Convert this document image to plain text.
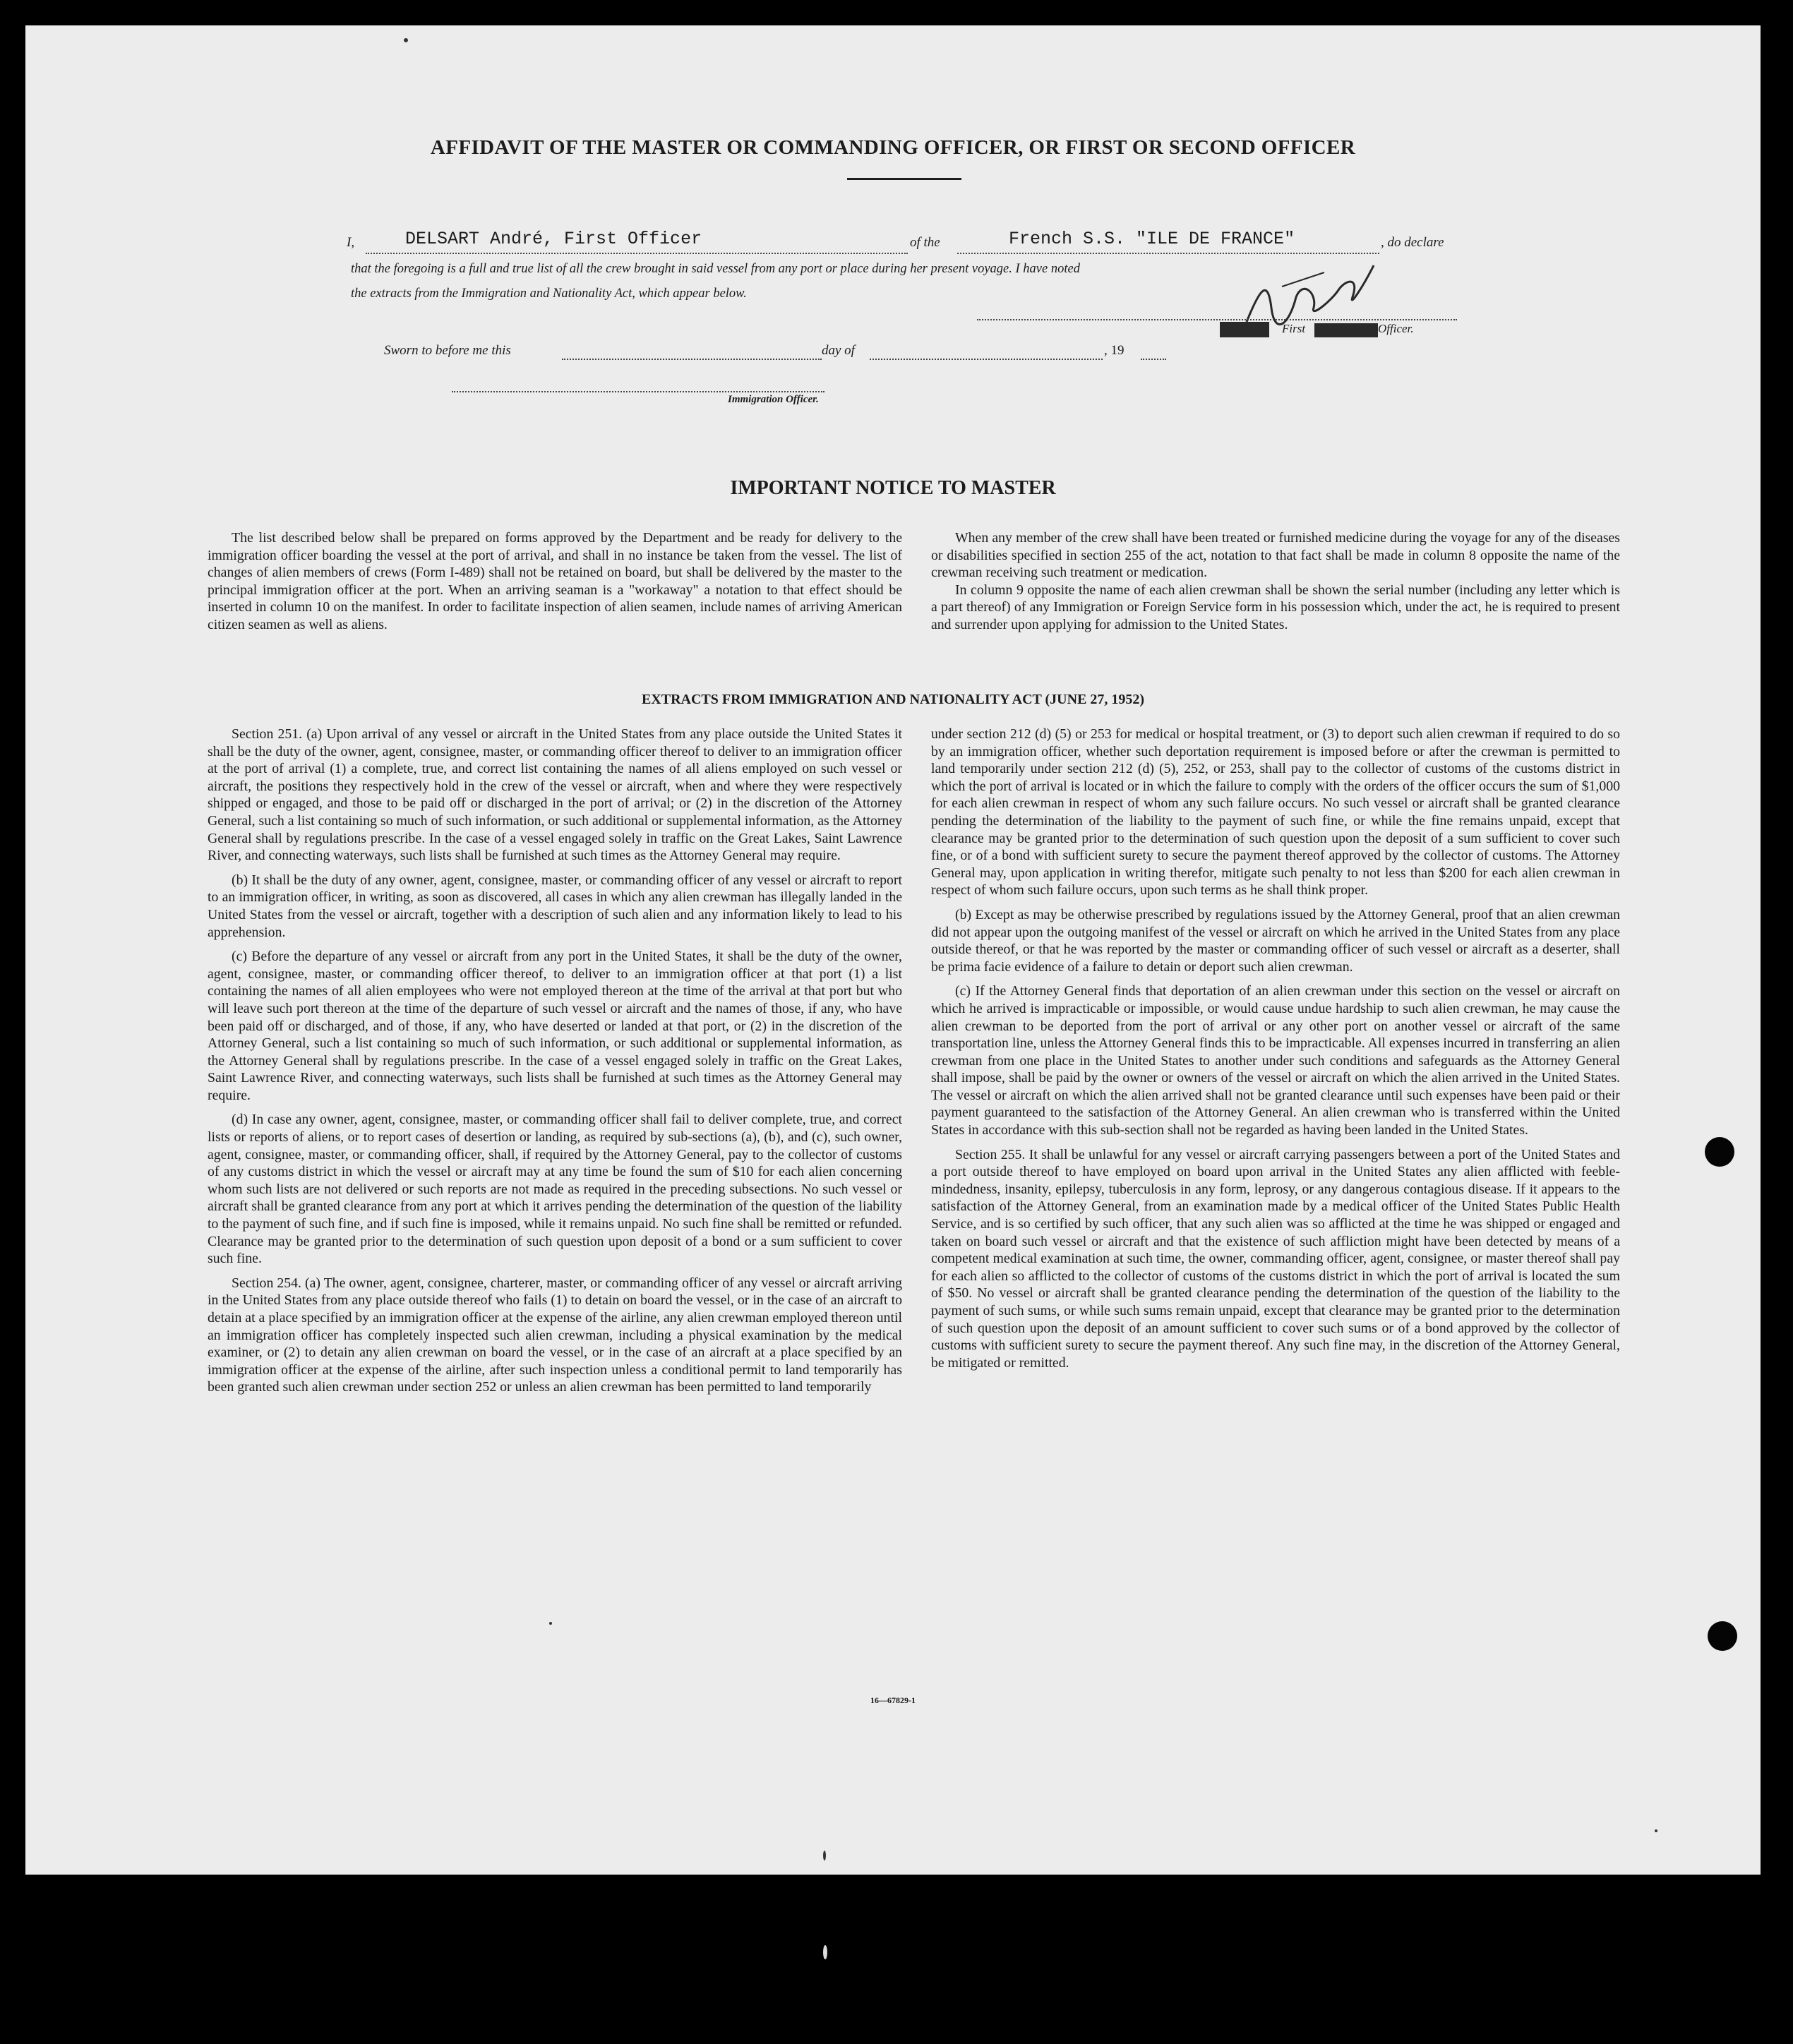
AFFIDAVIT OF THE MASTER OR COMMANDING OFFICER, OR FIRST OR SECOND OFFICER
I,	DELSART André, First Officer	of the	French S.S. "ILE DE FRANCE"	, do declare
that the foregoing is a full and true list of all the crew brought in said vessel from any port or place during her present voyage. I have noted
the extracts from the Immigration and Nationality Act, which appear below.
First	Officer.
Sworn to before me this	day of	, 19
Immigration Officer.
IMPORTANT NOTICE TO MASTER

The list described below shall be prepared on forms approved by the Department and be ready for delivery to the immigration officer boarding the vessel at the port of arrival, and shall in no instance be taken from the vessel. The list of changes of alien members of crews (Form I-489) shall not be retained on board, but shall be delivered by the master to the principal immigration officer at the port. When an arriving seaman is a "workaway" a notation to that effect should be inserted in column 10 on the manifest. In order to facilitate inspection of alien seamen, include names of arriving American citizen seamen as well as aliens.

When any member of the crew shall have been treated or furnished medicine during the voyage for any of the diseases or disabilities specified in section 255 of the act, notation to that fact shall be made in column 8 opposite the name of the crewman receiving such treatment or medication.

In column 9 opposite the name of each alien crewman shall be shown the serial number (including any letter which is a part thereof) of any Immigration or Foreign Service form in his possession which, under the act, he is required to present and surrender upon applying for admission to the United States.

EXTRACTS FROM IMMIGRATION AND NATIONALITY ACT (JUNE 27, 1952)

Section 251. (a) Upon arrival of any vessel or aircraft in the United States from any place outside the United States it shall be the duty of the owner, agent, consignee, master, or commanding officer thereof to deliver to an immigration officer at the port of arrival (1) a complete, true, and correct list containing the names of all aliens employed on such vessel or aircraft, the positions they respectively hold in the crew of the vessel or aircraft, when and where they were respectively shipped or engaged, and those to be paid off or discharged in the port of arrival; or (2) in the discretion of the Attorney General, such a list containing so much of such information, or such additional or supplemental information, as the Attorney General shall by regulations prescribe. In the case of a vessel engaged solely in traffic on the Great Lakes, Saint Lawrence River, and connecting waterways, such lists shall be furnished at such times as the Attorney General may require.

(b) It shall be the duty of any owner, agent, consignee, master, or commanding officer of any vessel or aircraft to report to an immigration officer, in writing, as soon as discovered, all cases in which any alien crewman has illegally landed in the United States from the vessel or aircraft, together with a description of such alien and any information likely to lead to his apprehension.

(c) Before the departure of any vessel or aircraft from any port in the United States, it shall be the duty of the owner, agent, consignee, master, or commanding officer thereof, to deliver to an immigration officer at that port (1) a list containing the names of all alien employees who were not employed thereon at the time of the arrival at that port but who will leave such port thereon at the time of the departure of such vessel or aircraft and the names of those, if any, who have been paid off or discharged, and of those, if any, who have deserted or landed at that port, or (2) in the discretion of the Attorney General, such a list containing so much of such information, or such additional or supplemental information, as the Attorney General shall by regulations prescribe. In the case of a vessel engaged solely in traffic on the Great Lakes, Saint Lawrence River, and connecting waterways, such lists shall be furnished at such times as the Attorney General may require.

(d) In case any owner, agent, consignee, master, or commanding officer shall fail to deliver complete, true, and correct lists or reports of aliens, or to report cases of desertion or landing, as required by sub-sections (a), (b), and (c), such owner, agent, consignee, master, or commanding officer, shall, if required by the Attorney General, pay to the collector of customs of any customs district in which the vessel or aircraft may at any time be found the sum of $10 for each alien concerning whom such lists are not delivered or such reports are not made as required in the preceding subsections. No such vessel or aircraft shall be granted clearance from any port at which it arrives pending the determination of the question of the liability to the payment of such fine, and if such fine is imposed, while it remains unpaid. No such fine shall be remitted or refunded. Clearance may be granted prior to the determination of such question upon deposit of a bond or a sum sufficient to cover such fine.

Section 254. (a) The owner, agent, consignee, charterer, master, or commanding officer of any vessel or aircraft arriving in the United States from any place outside thereof who fails (1) to detain on board the vessel, or in the case of an aircraft to detain at a place specified by an immigration officer at the expense of the airline, any alien crewman employed thereon until an immigration officer has completely inspected such alien crewman, including a physical examination by the medical examiner, or (2) to detain any alien crewman on board the vessel, or in the case of an aircraft at a place specified by an immigration officer at the expense of the airline, after such inspection unless a conditional permit to land temporarily has been granted such alien crewman under section 252 or unless an alien crewman has been permitted to land temporarily

under section 212 (d) (5) or 253 for medical or hospital treatment, or (3) to deport such alien crewman if required to do so by an immigration officer, whether such deportation requirement is imposed before or after the crewman is permitted to land temporarily under section 212 (d) (5), 252, or 253, shall pay to the collector of customs of the customs district in which the port of arrival is located or in which the failure to comply with the orders of the officer occurs the sum of $1,000 for each alien crewman in respect of whom any such failure occurs. No such vessel or aircraft shall be granted clearance pending the determination of the liability to the payment of such fine, or while the fine remains unpaid, except that clearance may be granted prior to the determination of such question upon the deposit of a sum sufficient to cover such fine, or of a bond with sufficient surety to secure the payment thereof approved by the collector of customs. The Attorney General may, upon application in writing therefor, mitigate such penalty to not less than $200 for each alien crewman in respect of whom such failure occurs, upon such terms as he shall think proper.

(b) Except as may be otherwise prescribed by regulations issued by the Attorney General, proof that an alien crewman did not appear upon the outgoing manifest of the vessel or aircraft on which he arrived in the United States from any place outside thereof, or that he was reported by the master or commanding officer of such vessel or aircraft as a deserter, shall be prima facie evidence of a failure to detain or deport such alien crewman.

(c) If the Attorney General finds that deportation of an alien crewman under this section on the vessel or aircraft on which he arrived is impracticable or impossible, or would cause undue hardship to such alien crewman, he may cause the alien crewman to be deported from the port of arrival or any other port on another vessel or aircraft of the same transportation line, unless the Attorney General finds this to be impracticable. All expenses incurred in transferring an alien crewman from one place in the United States to another under such conditions and safeguards as the Attorney General shall impose, shall be paid by the owner or owners of the vessel or aircraft on which the alien arrived in the United States. The vessel or aircraft on which the alien arrived shall not be granted clearance until such expenses have been paid or their payment guaranteed to the satisfaction of the Attorney General. An alien crewman who is transferred within the United States in accordance with this sub-section shall not be regarded as having been landed in the United States.

Section 255. It shall be unlawful for any vessel or aircraft carrying passengers between a port of the United States and a port outside thereof to have employed on board upon arrival in the United States any alien afflicted with feeble-mindedness, insanity, epilepsy, tuberculosis in any form, leprosy, or any dangerous contagious disease. If it appears to the satisfaction of the Attorney General, from an examination made by a medical officer of the United States Public Health Service, and is so certified by such officer, that any such alien was so afflicted at the time he was shipped or engaged and taken on board such vessel or aircraft and that the existence of such affliction might have been detected by means of a competent medical examination at such time, the owner, commanding officer, agent, consignee, or master thereof shall pay for each alien so afflicted to the collector of customs of the customs district in which the port of arrival is located the sum of $50. No vessel or aircraft shall be granted clearance pending the determination of the question of the liability to the payment of such sums, or while such sums remain unpaid, except that clearance may be granted prior to the determination of such question upon the deposit of an amount sufficient to cover such sums or of a bond approved by the collector of customs with sufficient surety to secure the payment thereof. Any such fine may, in the discretion of the Attorney General, be mitigated or remitted.

16—67829-1
